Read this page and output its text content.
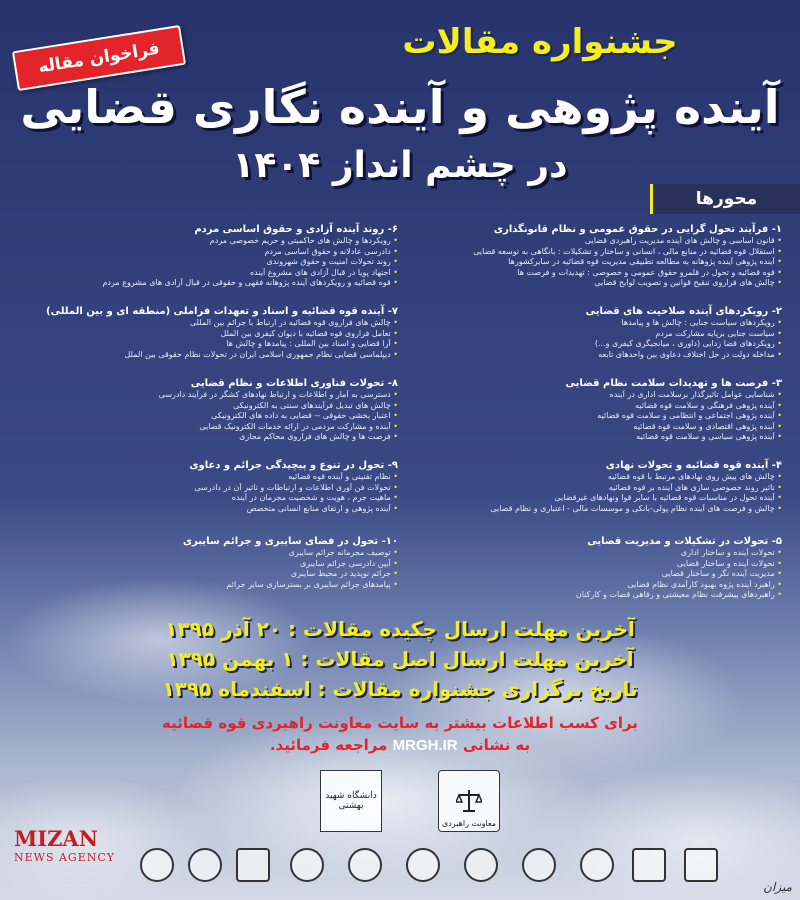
فراخوان مقاله	جشنواره مقالات
آینده پژوهی و آینده نگاری قضایی
در چشم انداز ۱۴۰۴
محورها
۱- فرآیند تحول گرایی در حقوق عمومی و نظام قانونگذاری
• قانون اساسی و چالش های آینده مدیریت راهبردی قضایی
• استقلال قوه قضائیه در منابع مالی ، انسانی و ساختار و تشکیلات : بانگاهی به توسعه قضایی
• آینده پژوهی آینده پژوهانه به مطالعه تطبیقی مدیریت قوه قضائیه در سایرکشورها
• قوه قضائیه و تحول در قلمرو حقوق عمومی و خصوصی : تهدیدات و فرصت ها
• چالش های فراروی تنقیح قوانین و تصویب لوایح قضایی
۲- رویکردهای آینده صلاحیت های قضایی
• رویکردهای سیاست جنایی : چالش ها و پیامدها
• سیاست جنایی برپایه مشارکت مردم
• رویکردهای قضا زدایی (داوری ، میانجیگری کیفری و...)
• مداخله دولت در حل اختلاف دعاوی بین واحدهای تابعه
۳- فرصت ها و تهدیدات سلامت نظام قضایی
• شناسایی عوامل تاثیرگذار برسلامت اداری در آینده
• آینده پژوهی فرهنگی و سلامت قوه قضائیه
• آینده پژوهی اجتماعی و انتظامی و سلامت قوه قضائیه
• آینده پژوهی اقتصادی و سلامت قوه قضائیه
• آینده پژوهی سیاسی و سلامت قوه قضائیه
۴- آینده قوه قضائیه و تحولات نهادی
• چالش های پیش روی نهادهای مرتبط با قوه قضائیه
• تاثیر روند خصوصی سازی های آینده بر قوه قضائیه
• آینده تحول در مناسبات قوه قضائیه با سایر قوا ونهادهای غیرقضایی
• چالش و فرصت های آینده نظام پولی-بانکی و موسسات مالی - اعتباری و نظام قضایی
۵- تحولات در تشکیلات و مدیریت قضایی
• تحولات آینده و ساختار اداری
• تحولات آینده و ساختار قضایی
• مدیریت آینده نگر و ساختار قضایی
• راهبرد آینده پژوه بهبود کارآمدی نظام قضایی
• راهبردهای پیشرفت نظام معیشتی و رفاهی قضات و کارکنان
۶- روند آینده آزادی و حقوق اساسی مردم
• رویکردها و چالش های حاکمیتی و حریم خصوصی مردم
• دادرسی عادلانه و حقوق اساسی مردم
• روند تحولات امنیت و حقوق شهروندی
• اجتهاد پویا در قبال آزادی های مشروع آینده
• قوه قضائیه و رویکردهای آینده پژوهانه فقهی و حقوقی در قبال آزادی های مشروع مردم
۷- آینده قوه قضائیه و اسناد و تعهدات فراملی (منطقه ای و بین المللی)
• چالش های فراروی قوه قضائیه در ارتباط با جرائم بین المللی
• تعامل فراروی قوه قضائیه با دیوان کیفری بین الملل
• آرا قضایی و اسناد بین المللی : پیامدها و چالش ها
• دیپلماسی قضایی نظام جمهوری اسلامی ایران در تحولات نظام حقوقی بین الملل
۸- تحولات فناوری اطلاعات و نظام قضایی
• دسترسی به آمار و اطلاعات و ارتباط نهادهای کشگر در فرآیند دادرسی
• چالش های تبدیل فرآیندهای سنتی به الکترونیکی
• اعتبار بخشی حقوقی -- قضایی به داده های الکترونیکی
• آینده و مشارکت مردمی در ارائه خدمات الکترونیک قضایی
• فرصت ها و چالش های فراروی محاکم مجازی
۹- تحول در تنوع و پیچیدگی جرائم و دعاوی
• نظام تقنینی و آینده قوه قضائیه
• تحولات فن آوری اطلاعات و ارتباطات و تاثیر آن در دادرسی
• ماهیت جرم ، هویت و شخصیت مجرمان در آینده
• آینده پژوهی و ارتقای منابع انسانی متخصص
۱۰- تحول در فضای سایبری و جرائم سایبری
• توصیف مجرمانه جرائم سایبری
• آیین دادرسی جرائم سایبری
• جرائم نوپدید در محیط سایبری
• پیامدهای جرائم سایبری بر بسترسازی سایر جرائم
آخرین مهلت ارسال چکیده مقالات : ۲۰ آذر ۱۳۹۵
آخرین مهلت ارسال اصل مقالات : ۱ بهمن ۱۳۹۵
تاریخ برگزاری جشنواره مقالات : اسفندماه ۱۳۹۵
برای کسب اطلاعات بیشتر به سایت معاونت راهبردی قوه قضائیه
به نشانی MRGH.IR مراجعه فرمائید.
دانشگاه شهید بهشتی
معاونت راهبردی
MIZAN
NEWS AGENCY
میزان
